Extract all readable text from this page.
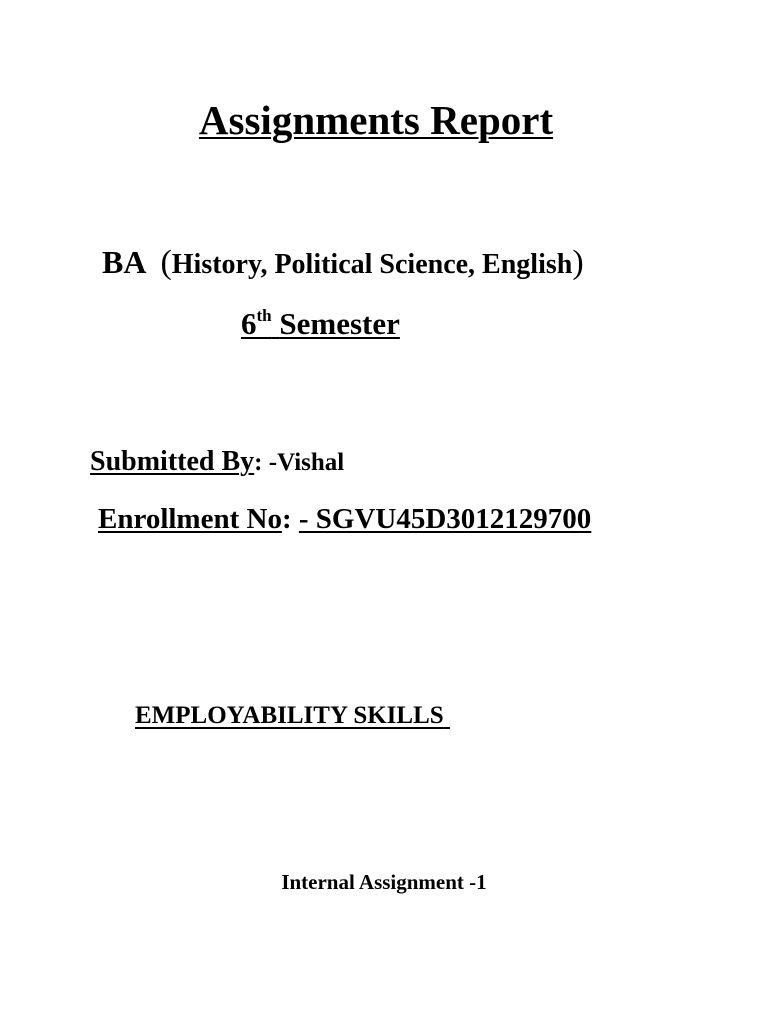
Assignments Report
BA (History, Political Science, English)
6th Semester
Submitted By: -Vishal
Enrollment No: - SGVU45D3012129700
EMPLOYABILITY SKILLS
Internal Assignment -1
